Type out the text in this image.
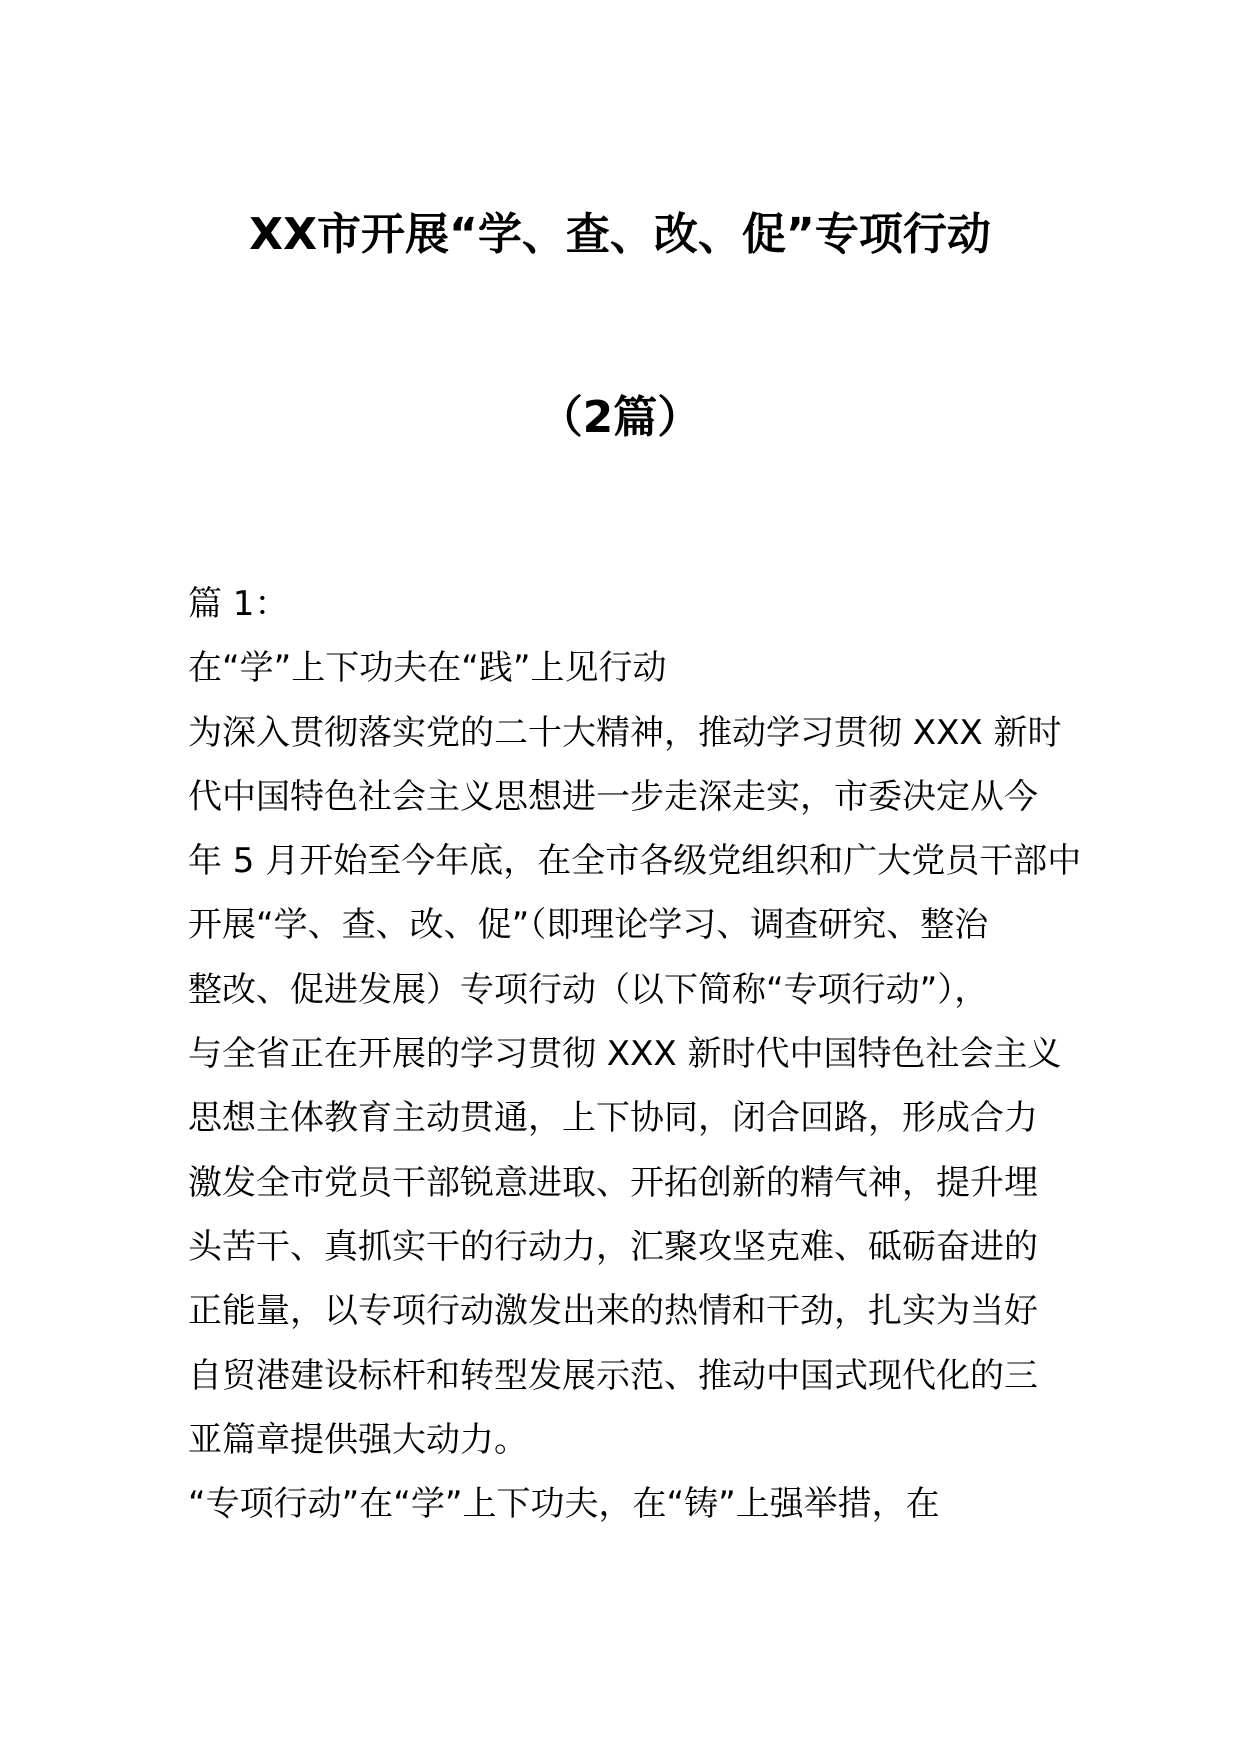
XX市开展“学、查、改、促”专项行动
（2篇）
篇 1：
在“学”上下功夫在“践”上见行动
为深入贯彻落实党的二十大精神，推动学习贯彻 XXX 新时
代中国特色社会主义思想进一步走深走实，市委决定从今
年 5 月开始至今年底，在全市各级党组织和广大党员干部中
开展“学、查、改、促”（即理论学习、调查研究、整治
整改、促进发展）专项行动（以下简称“专项行动”），
与全省正在开展的学习贯彻 XXX 新时代中国特色社会主义
思想主体教育主动贯通，上下协同，闭合回路，形成合力
激发全市党员干部锐意进取、开拓创新的精气神，提升埋
头苦干、真抓实干的行动力，汇聚攻坚克难、砥砺奋进的
正能量，以专项行动激发出来的热情和干劲，扎实为当好
自贸港建设标杆和转型发展示范、推动中国式现代化的三
亚篇章提供强大动力。
“专项行动”在“学”上下功夫，在“铸”上强举措，在
